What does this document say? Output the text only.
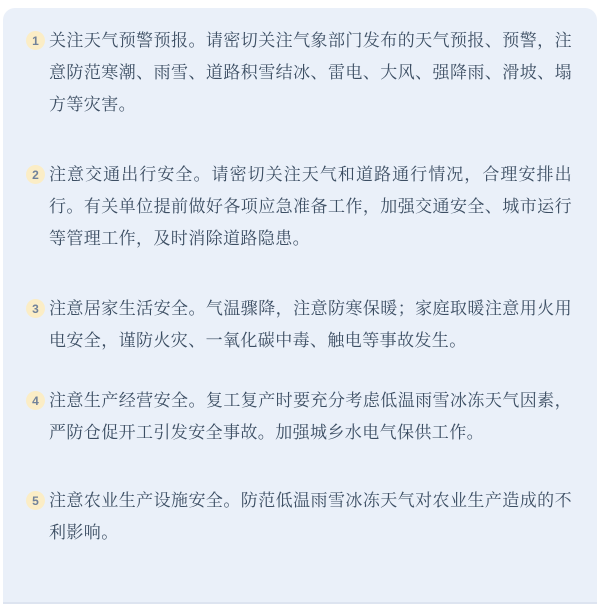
1 关注天气预警预报。请密切关注气象部门发布的天气预报、预警，注意防范寒潮、雨雪、道路积雪结冰、雷电、大风、强降雨、滑坡、塌方等灾害。

2 注意交通出行安全。请密切关注天气和道路通行情况，合理安排出行。有关单位提前做好各项应急准备工作，加强交通安全、城市运行等管理工作，及时消除道路隐患。

3 注意居家生活安全。气温骤降，注意防寒保暖；家庭取暖注意用火用电安全，谨防火灾、一氧化碳中毒、触电等事故发生。

4 注意生产经营安全。复工复产时要充分考虑低温雨雪冰冻天气因素，严防仓促开工引发安全事故。加强城乡水电气保供工作。

5 注意农业生产设施安全。防范低温雨雪冰冻天气对农业生产造成的不利影响。
